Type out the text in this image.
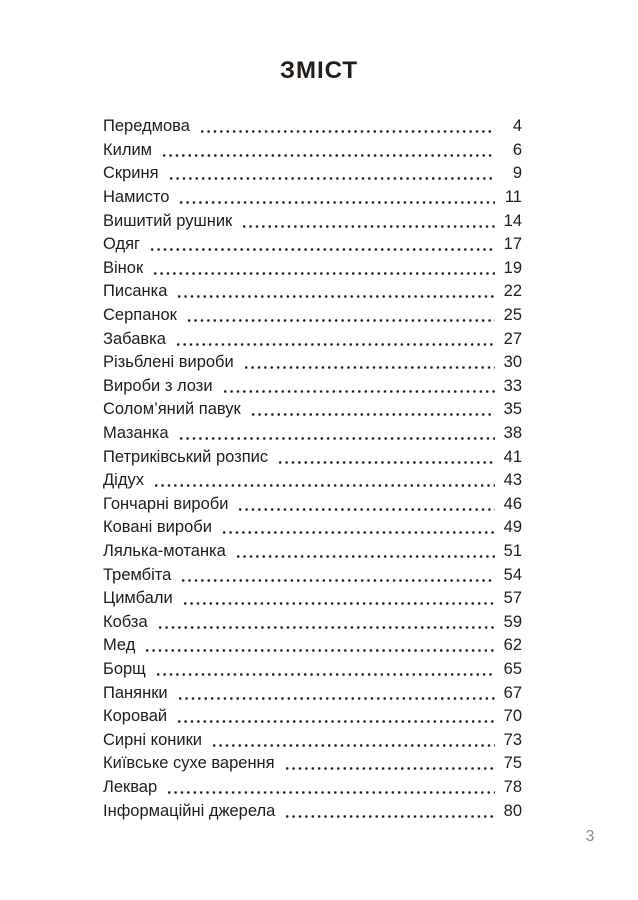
ЗМІСТ
Передмова	4
Килим	6
Скриня	9
Намисто	11
Вишитий рушник	14
Одяг	17
Вінок	19
Писанка	22
Серпанок	25
Забавка	27
Різьблені вироби	30
Вироби з лози	33
Солом’яний павук	35
Мазанка	38
Петриківський розпис	41
Дідух	43
Гончарні вироби	46
Ковані вироби	49
Лялька-мотанка	51
Трембіта	54
Цимбали	57
Кобза	59
Мед	62
Борщ	65
Панянки	67
Коровай	70
Сирні коники	73
Київське сухе варення	75
Леквар	78
Інформаційні джерела	80
3
